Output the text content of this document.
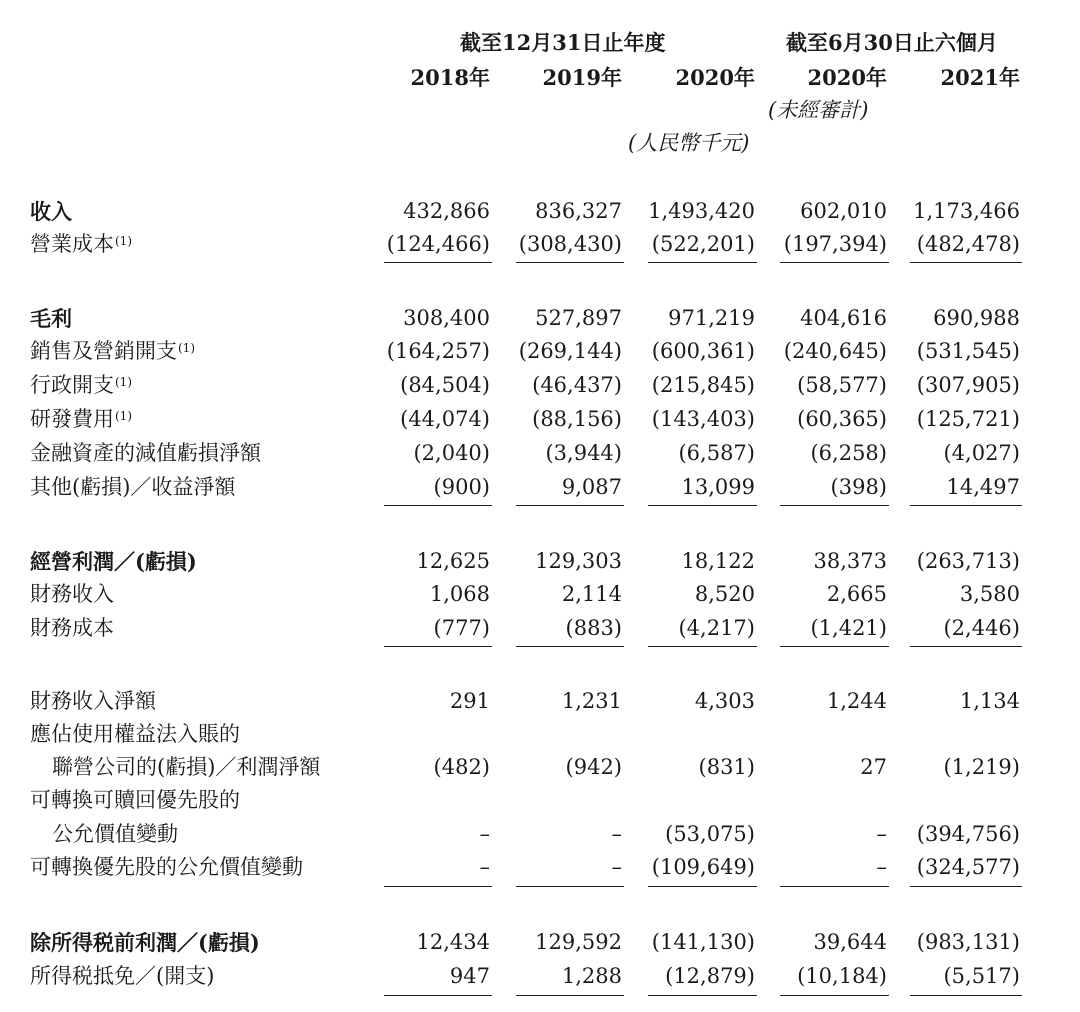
截至12月31日止年度	截至6月30日止六個月
2018年	2019年	2020年	2020年	2021年
(未經審計)
(人民幣千元)
收入	432,866 836,327 1,493,420 602,010 1,173,466
營業成本$^{(1)}$	(124,466) (308,430) (522,201) (197,394) (482,478)
毛利	308,400 527,897 971,219 404,616 690,988
銷售及營銷開支$^{(1)}$	(164,257) (269,144) (600,361) (240,645) (531,545)
行政開支$^{(1)}$	(84,504) (46,437) (215,845) (58,577) (307,905)
研發費用$^{(1)}$	(44,074) (88,156) (143,403) (60,365) (125,721)
金融資產的減值虧損淨額	(2,040)	(3,944)	(6,587)	(6,258)	(4,027)
其他(虧損)／收益淨額	(900)	9,087	13,099	(398)	14,497
經營利潤／(虧損)	12,625 129,303	18,122	38,373 (263,713)
財務收入	1,068	2,114	8,520	2,665	3,580
財務成本	(777)	(883)	(4,217)	(1,421)	(2,446)
財務收入淨額	291	1,231	4,303	1,244	1,134
應佔使用權益法入賬的
聯營公司的(虧損)／利潤淨額	(482)	(942)	(831)	27	(1,219)
可轉換可贖回優先股的
公允價值變動	–	– (53,075)	– (394,756)
可轉換優先股的公允價值變動	–	– (109,649)	– (324,577)
除所得税前利潤／(虧損)	12,434 129,592 (141,130)	39,644 (983,131)
所得税抵免／(開支)	947	1,288 (12,879) (10,184)	(5,517)
